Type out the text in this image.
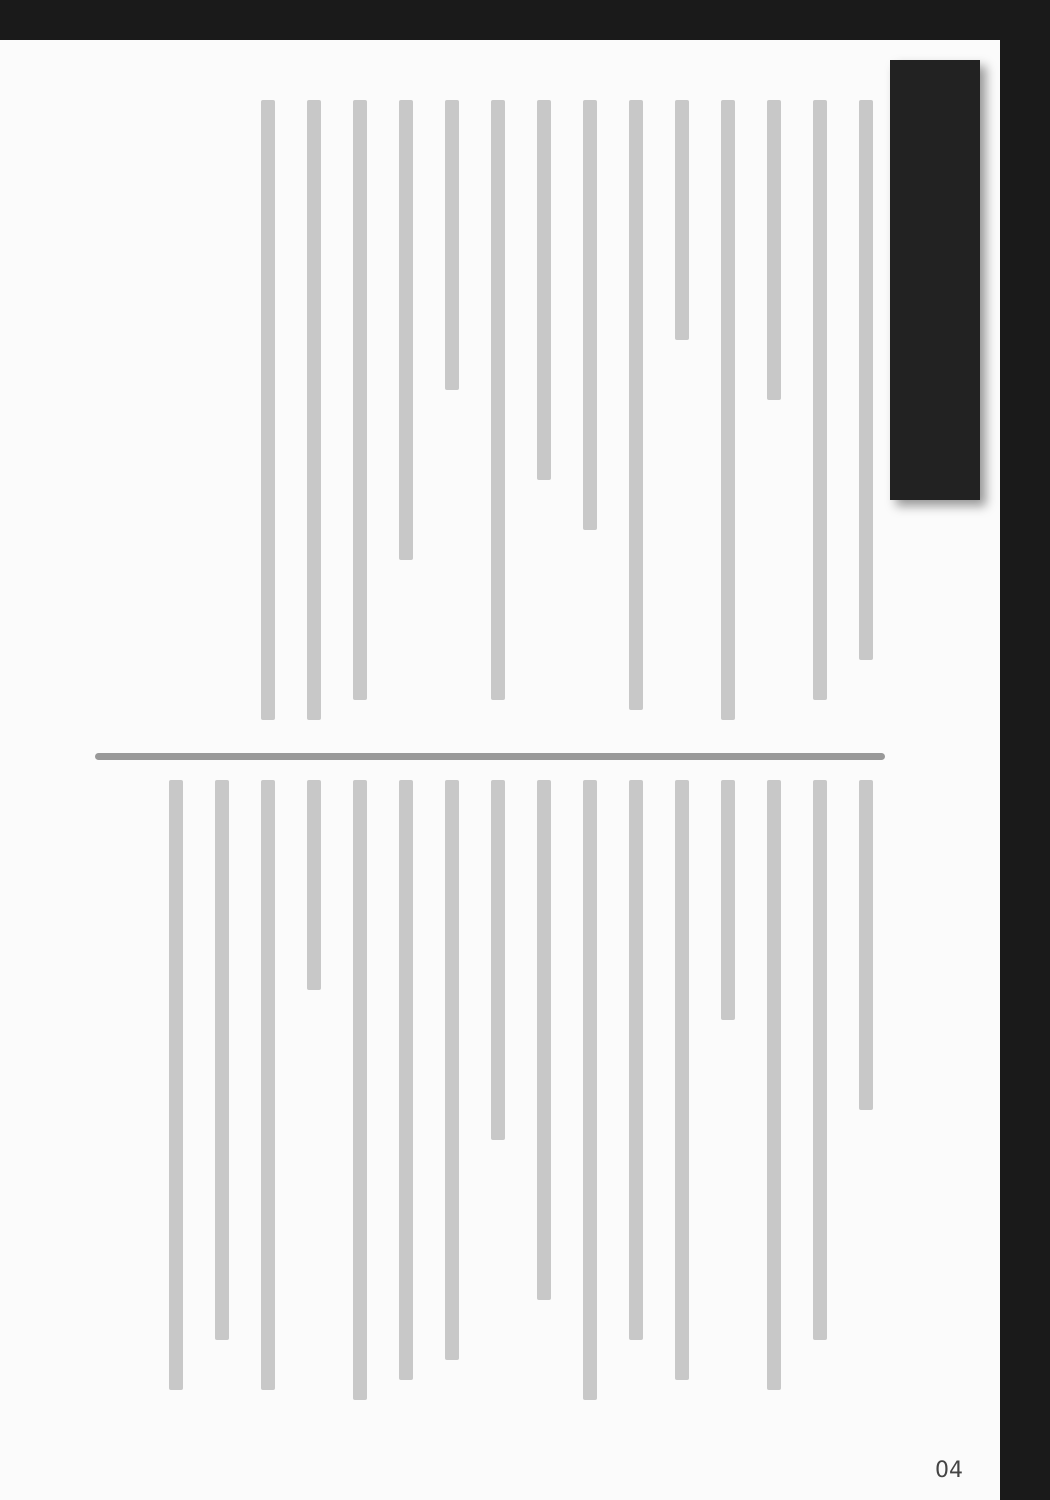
04
